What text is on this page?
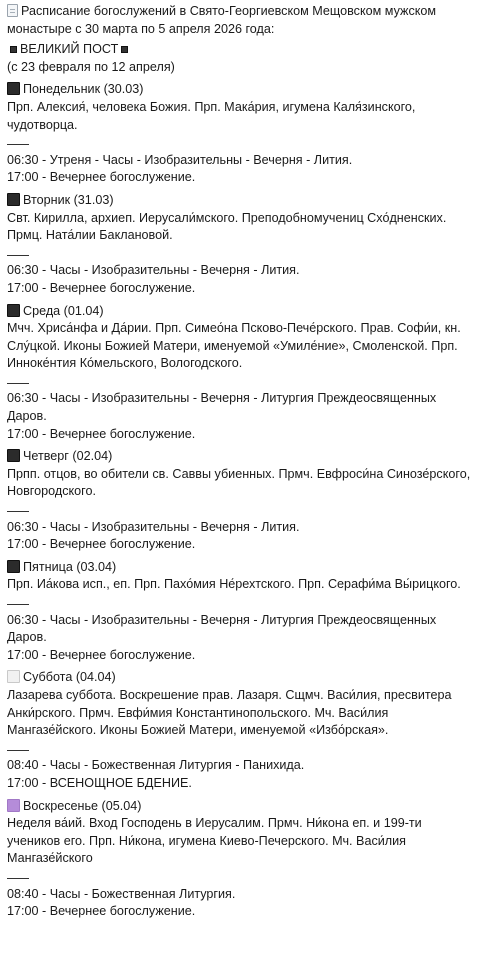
Расписание богослужений в Свято-Георгиевском Мещовском мужском монастыре с 30 марта по 5 апреля 2026 года:
ВЕЛИКИЙ ПОСТ
(с 23 февраля по 12 апреля)
Понедельник (30.03)
Прп. Алексия́, человека Божия. Прп. Мака́рия, игумена Каля́зинского, чудотворца.
06:30 - Утреня - Часы - Изобразительны - Вечерня - Лития.
17:00 - Вечернее богослужение.
Вторник (31.03)
Свт. Кирилла, архиеп. Иерусали́мского. Преподобномучениц Схо́дненских. Прмц. Ната́лии Баклановой.
06:30 - Часы - Изобразительны - Вечерня - Лития.
17:00 - Вечернее богослужение.
Среда (01.04)
Мчч. Хриса́нфа и Да́рии. Прп. Симео́на Псково-Пече́рского. Прав. Софи́и, кн. Слу́цкой. Иконы Божией Матери, именуемой «Умиле́ние», Смоленской. Прп. Иннoке́нтия Ко́мельского, Вологодского.
06:30 - Часы - Изобразительны - Вечерня - Литургия Преждеосвященных Даров.
17:00 - Вечернее богослужение.
Четверг (02.04)
Прпп. отцов, во обители св. Саввы убиенных. Прмч. Евфроси́на Синозе́рского, Новгородского.
06:30 - Часы - Изобразительны - Вечерня - Лития.
17:00 - Вечернее богослужение.
Пятница (03.04)
Прп. Иа́кова исп., еп. Прп. Пахо́мия Не́рехтского. Прп. Серафи́ма Вы́рицкого.
06:30 - Часы - Изобразительны - Вечерня - Литургия Преждеосвященных Даров.
17:00 - Вечернее богослужение.
Суббота (04.04)
Лазарева суббота. Воскрешение прав. Лазаря. Сщмч. Васи́лия, пресвитера Анки́рского. Прмч. Евфи́мия Константинопольского. Мч. Васи́лия Мангазе́йского. Иконы Божией Матери, именуемой «Избо́рская».
08:40 - Часы - Божественная Литургия - Панихида.
17:00 - ВСЕНОЩНОЕ БДЕНИЕ.
Воскресенье (05.04)
Неделя ва́ий. Вход Господень в Иерусалим. Прмч. Ни́кона еп. и 199-ти учеников его. Прп. Ни́кона, игумена Киево-Печерского. Мч. Васи́лия Мангазе́йского
08:40 - Часы - Божественная Литургия.
17:00 - Вечернее богослужение.
